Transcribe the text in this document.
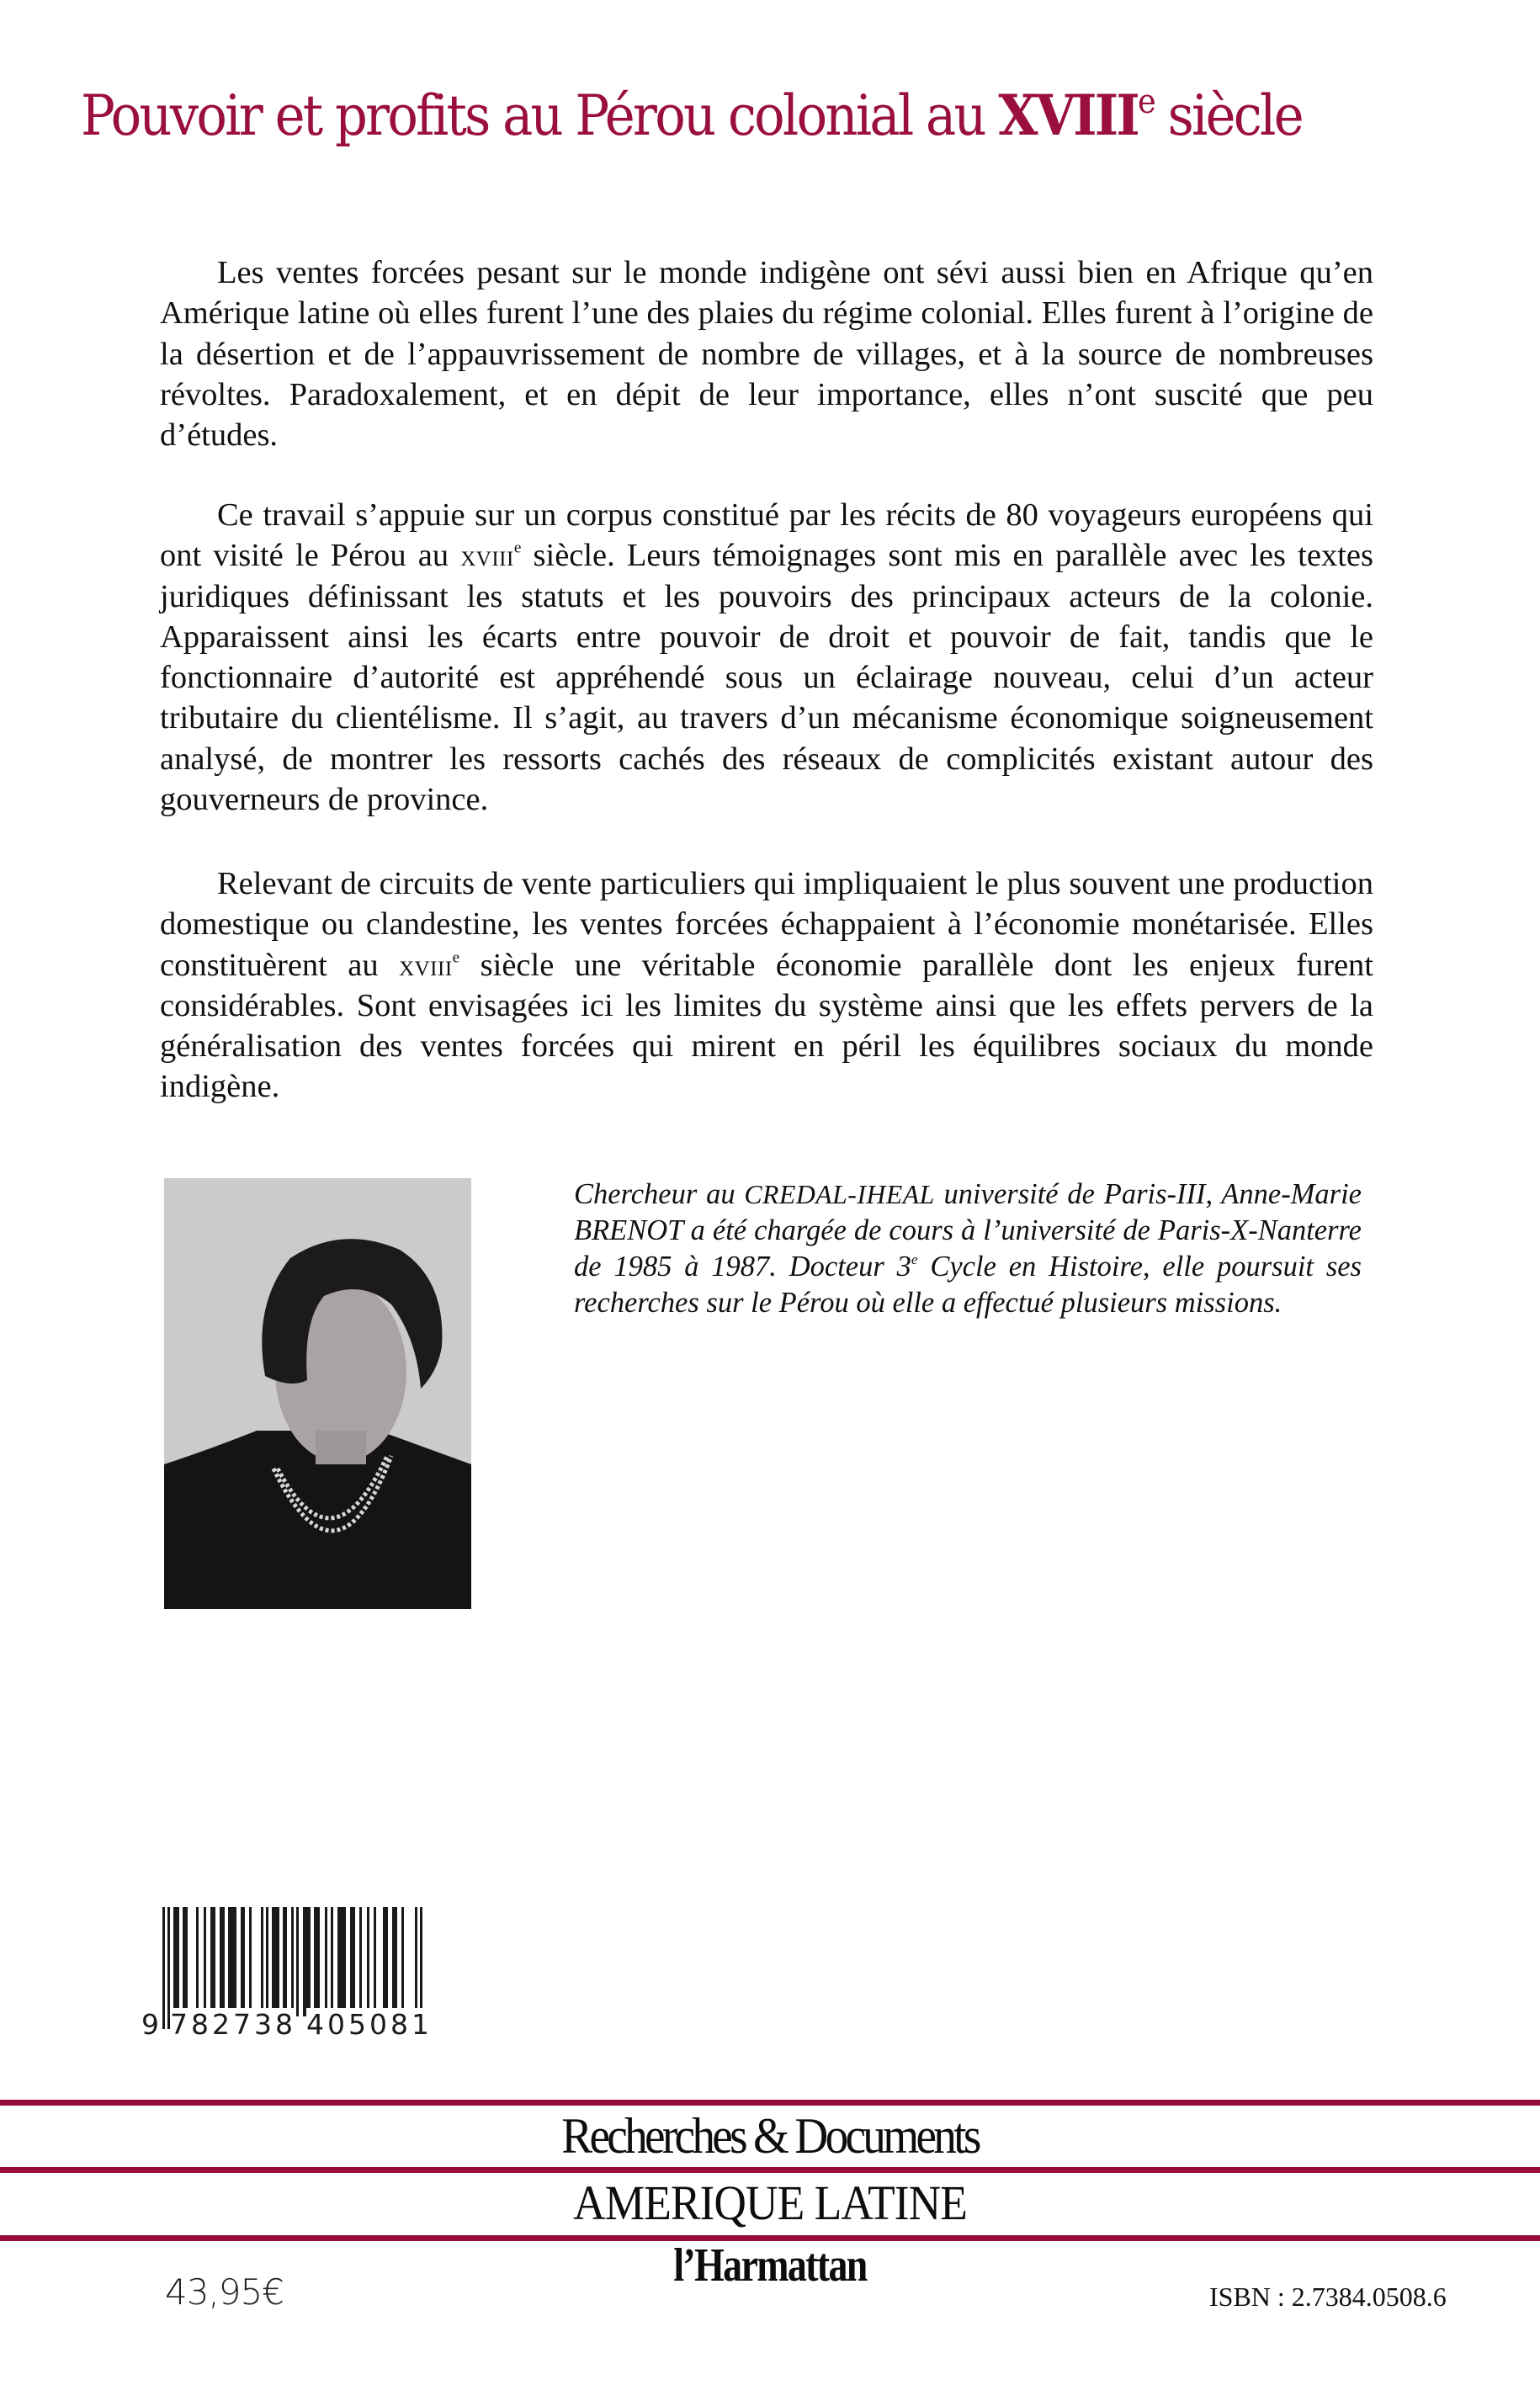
Pouvoir et profits au Pérou colonial au XVIIIe siècle

Les ventes forcées pesant sur le monde indigène ont sévi aussi bien en Afrique qu’en Amérique latine où elles furent l’une des plaies du régime colonial. Elles furent à l’origine de la désertion et de l’appauvrissement de nombre de villages, et à la source de nombreuses révoltes. Paradoxalement, et en dépit de leur importance, elles n’ont suscité que peu d’études.

Ce travail s’appuie sur un corpus constitué par les récits de 80 voyageurs européens qui ont visité le Pérou au xviii$^e$ siècle. Leurs témoignages sont mis en parallèle avec les textes juridiques définissant les statuts et les pouvoirs des principaux acteurs de la colonie. Apparaissent ainsi les écarts entre pouvoir de droit et pouvoir de fait, tandis que le fonctionnaire d’autorité est appréhendé sous un éclairage nouveau, celui d’un acteur tributaire du clientélisme. Il s’agit, au travers d’un mécanisme économique soigneusement analysé, de montrer les ressorts cachés des réseaux de complicités existant autour des gouverneurs de province.

Relevant de circuits de vente particuliers qui impliquaient le plus souvent une production domestique ou clandestine, les ventes forcées échappaient à l’économie monétarisée. Elles constituèrent au xviii$^e$ siècle une véritable économie parallèle dont les enjeux furent considérables. Sont envisagées ici les limites du système ainsi que les effets pervers de la généralisation des ventes forcées qui mirent en péril les équilibres sociaux du monde indigène.

Chercheur au CREDAL-IHEAL université de Paris-III, Anne-Marie BRENOT a été chargée de cours à l’université de Paris-X-Nanterre de 1985 à 1987. Docteur 3e Cycle en Histoire, elle poursuit ses recherches sur le Pérou où elle a effectué plusieurs missions.

9 782738 405081
Recherches & Documents
AMERIQUE LATINE
l’Harmattan
43,95€	ISBN : 2.7384.0508.6
